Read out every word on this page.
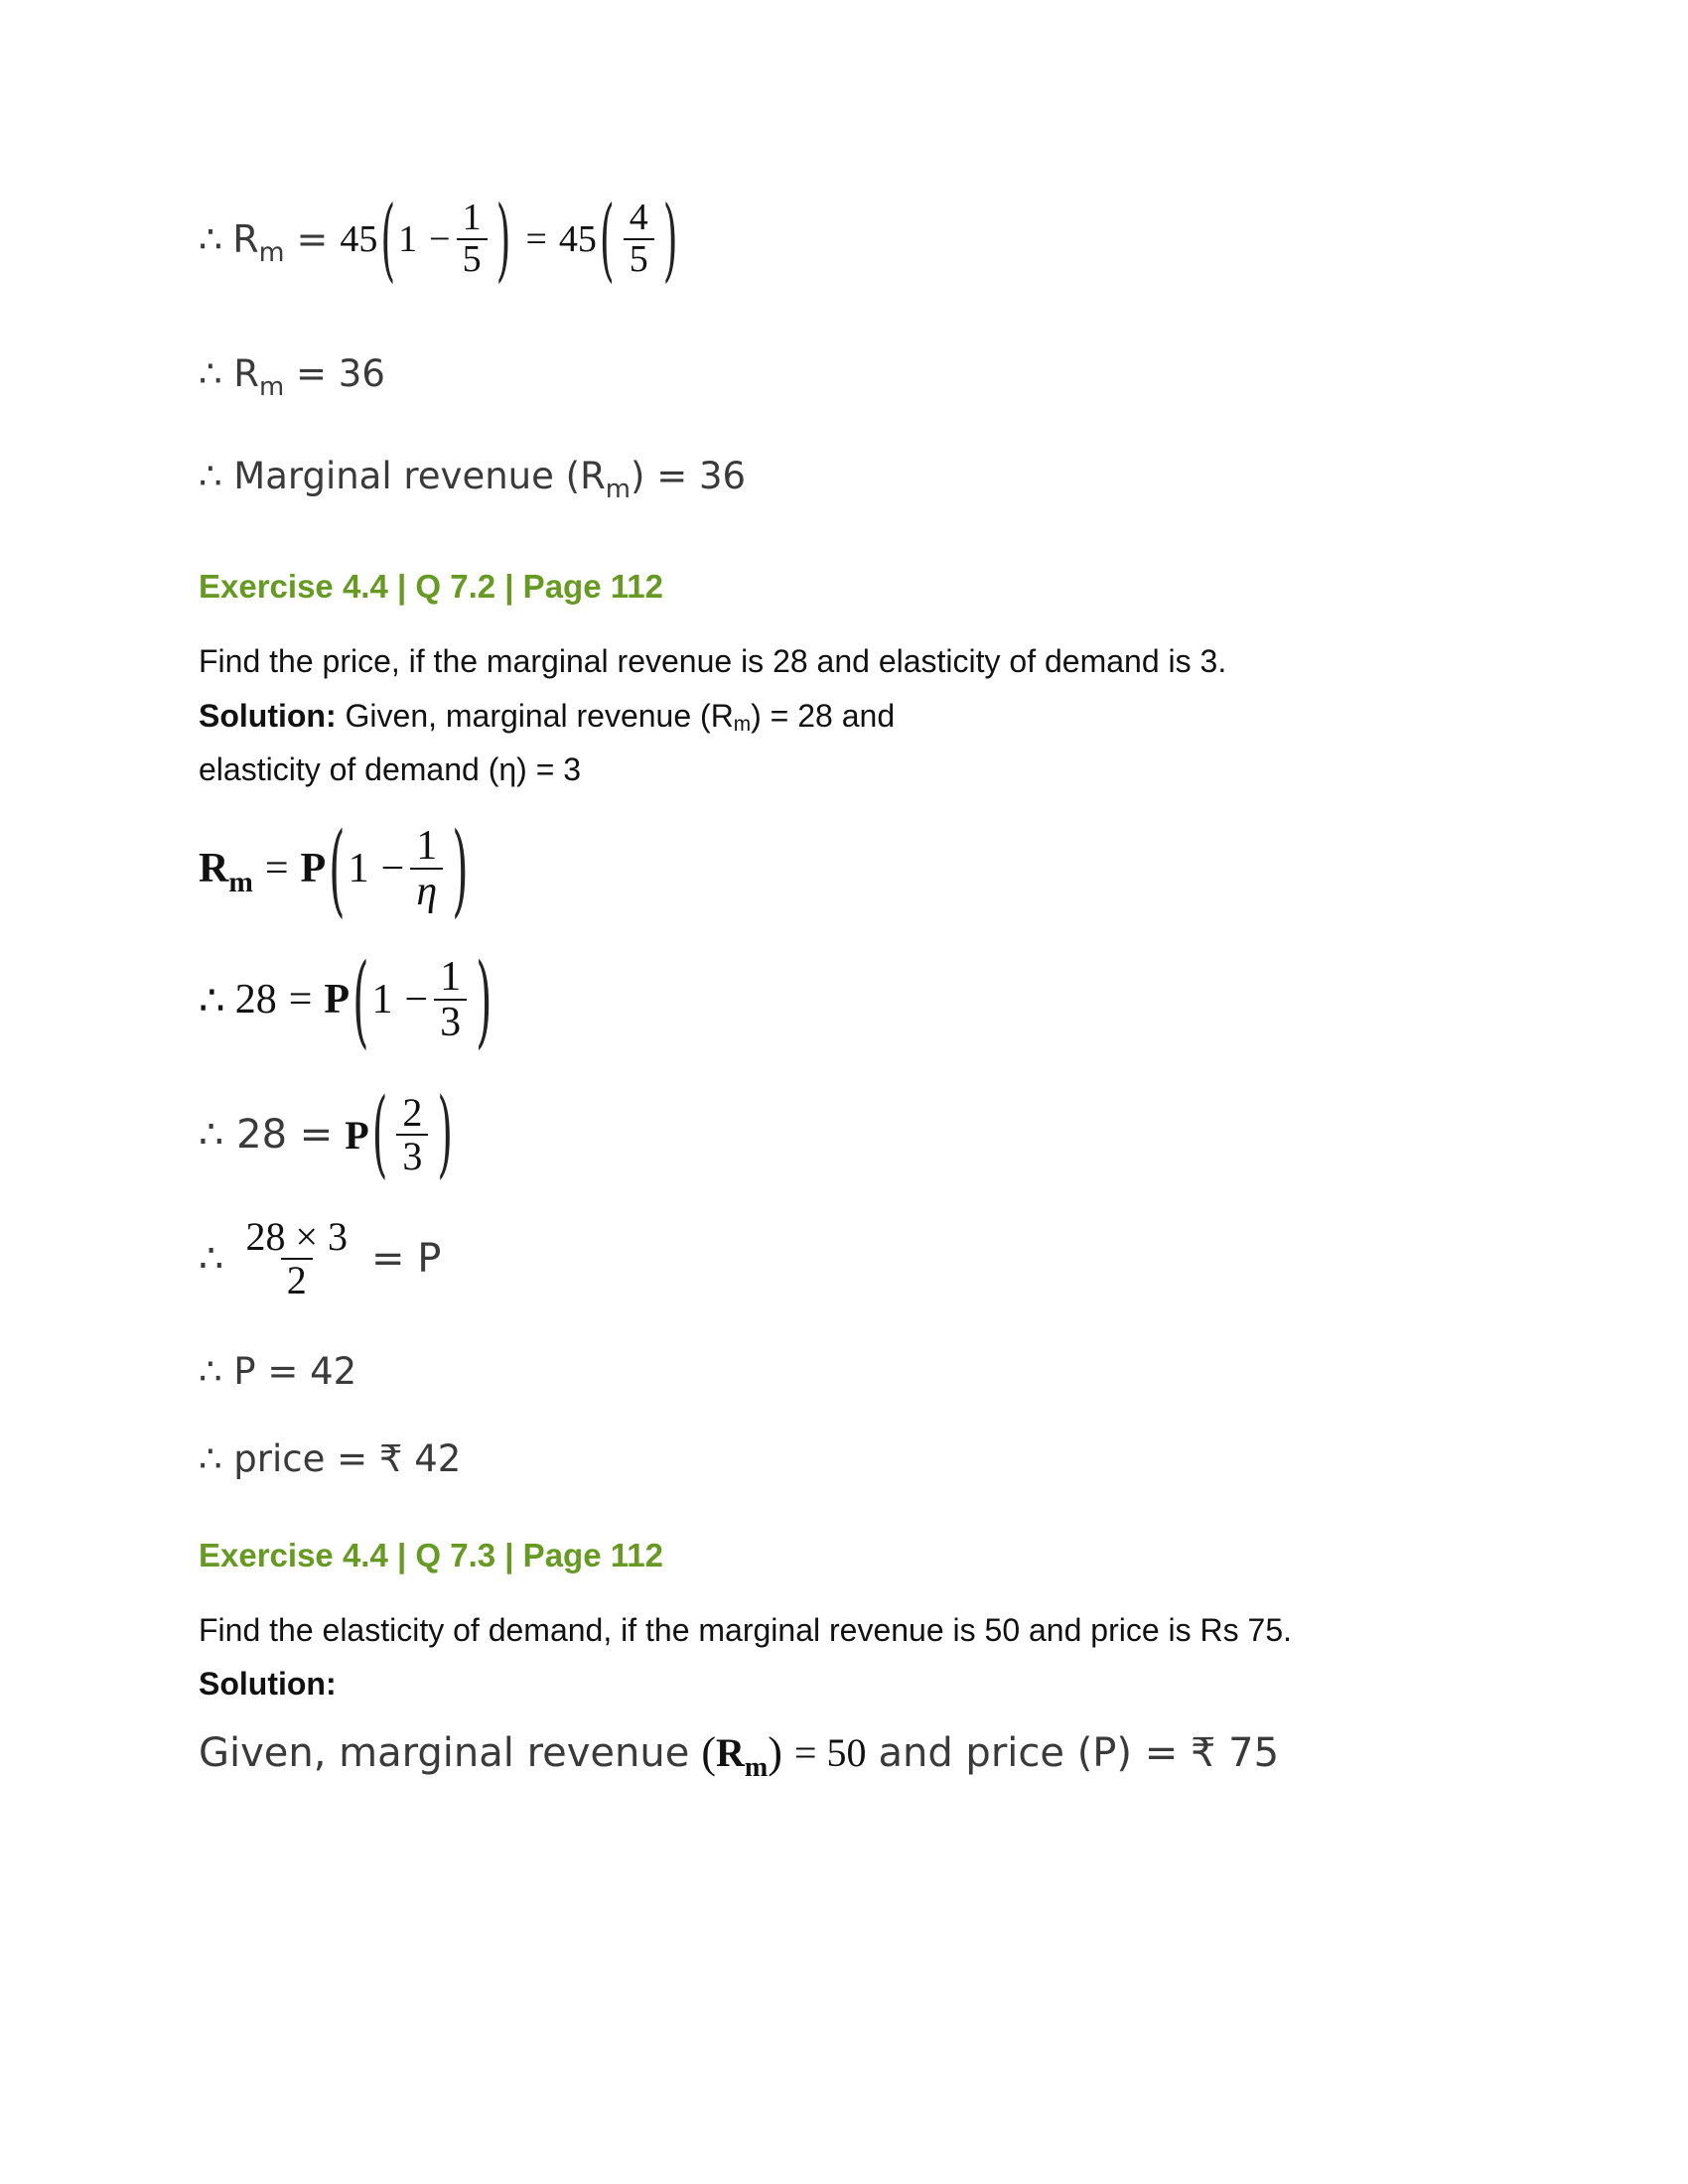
∴ $R_m = 45$ ( $1 - \frac{1}{5}$ ) = 45 ( $\frac{4}{5}$ )
∴ $R_m = 36$
∴ Marginal revenue $(R_m) = 36$
Exercise 4.4 | Q 7.2 | Page 112
Find the price, if the marginal revenue is 28 and elasticity of demand is 3.
Solution: Given, marginal revenue (Rm) = 28 and
elasticity of demand (η) = 3
$R_m = P$ ( $1 - \frac{1}{\eta}$ )
∴ 28 = P ( $1 - \frac{1}{3}$ )
∴ 28 = P ( $\frac{2}{3}$ )
∴ $\frac{28 \times 3}{2} = P$
∴ P = 42
∴ price = ₹ 42
Exercise 4.4 | Q 7.3 | Page 112
Find the elasticity of demand, if the marginal revenue is 50 and price is Rs 75.
Solution:
Given, marginal revenue ( $R_m$ ) = 50 and price (P) = ₹ 75
